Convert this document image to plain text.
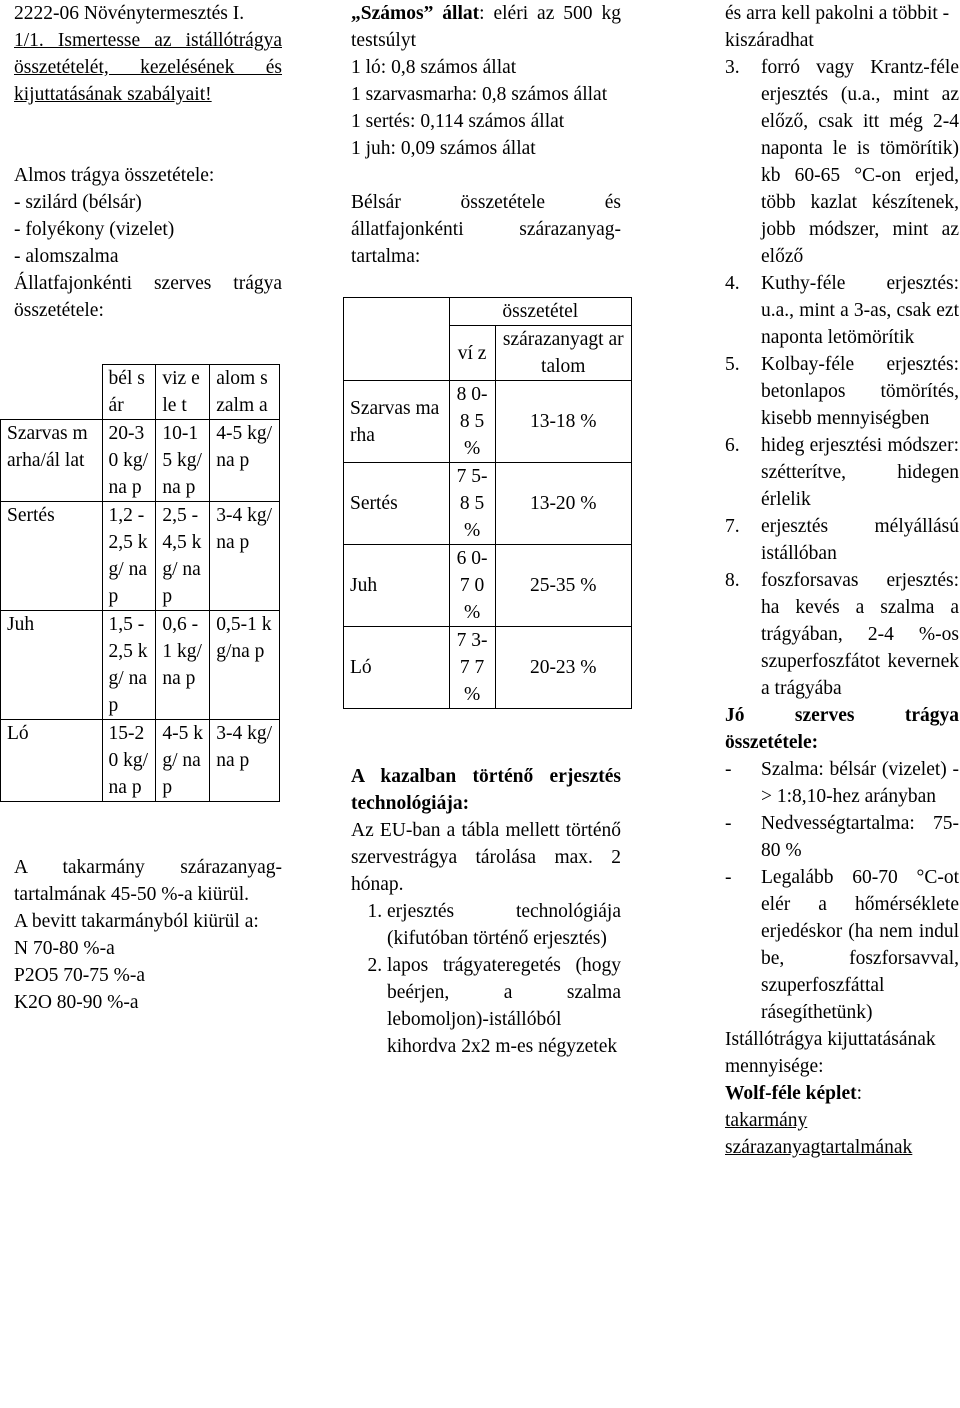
2222-06 Növénytermesztés I.

1/1. Ismertesse az istállótrágya összetételét, kezelésének és kijuttatásának szabályait!

Almos trágya összetétele:

- szilárd (bélsár)

- folyékony (vizelet)

- alomszalma

Állatfajonkénti szerves trágya összetétele:

	bél sár	viz ele t	alom szalm a
Szarvas marha/ál lat	20-30 kg/ na p	10-15 kg/ na p	4-5 kg/na p
Sertés	1,2 - 2,5 kg/ na p	2,5 - 4,5 kg/ na p	3-4 kg/na p
Juh	1,5 - 2,5 kg/ na p	0,6 -1 kg/ na p	0,5-1 kg/na p
Ló	15-20 kg/ na p	4-5 kg/ na p	3-4 kg/na p

A takarmány szárazanyag-tartalmának 45-50 %-a kiürül.

A bevitt takarmányból kiürül a:

N 70-80 %-a

P2O5 70-75 %-a

K2O 80-90 %-a

„Számos” állat: eléri az 500 kg testsúlyt

1 ló: 0,8 számos állat

1 szarvasmarha: 0,8 számos állat

1 sertés: 0,114 számos állat

1 juh: 0,09 számos állat

Bélsár összetétele és állatfajonkénti szárazanyag-tartalma:

	összetétel	
	ví z	szárazanyagt artalom
Szarvas marha	8 0- 8 5 %	13-18 %
Sertés	7 5- 8 5 %	13-20 %
Juh	6 0- 7 0 %	25-35 %
Ló	7 3- 7 7 %	20-23 %

A kazalban történő erjesztés technológiája:

Az EU-ban a tábla mellett történő szervestrágya tárolása max. 2 hónap.

1. erjesztés technológiája (kifutóban történő erjesztés)
2. lapos trágyateregetés (hogy beérjen, a szalma lebomoljon)-istállóból kihordva 2x2 m-es négyzetek

és arra kell pakolni a többit - kiszáradhat

3. forró vagy Krantz-féle erjesztés (u.a., mint az előző, csak itt még 2-4 naponta le is tömörítik) kb 60-65 °C-on erjed, több kazlat készítenek, jobb módszer, mint az előző

4. Kuthy-féle erjesztés: u.a., mint a 3-as, csak ezt naponta letömörítik

5. Kolbay-féle erjesztés: betonlapos tömörítés, kisebb mennyiségben

6. hideg erjesztési módszer: szétterítve, hidegen érlelik

7. erjesztés mélyállású istállóban

8. foszforsavas erjesztés: ha kevés a szalma a trágyában, 2-4 %-os szuperfoszfátot kevernek a trágyába

Jó szerves trágya összetétele:

- Szalma: bélsár (vizelet) -> 1:8,10-hez arányban

- Nedvességtartalma: 75-80 %

- Legalább 60-70 °C-ot elér a hőmérséklete erjedéskor (ha nem indul be, foszforsavval, szuperfoszfáttal rásegíthetünk)

Istállótrágya kijuttatásának mennyisége:

Wolf-féle képlet:

takarmány szárazanyagtartalmának
